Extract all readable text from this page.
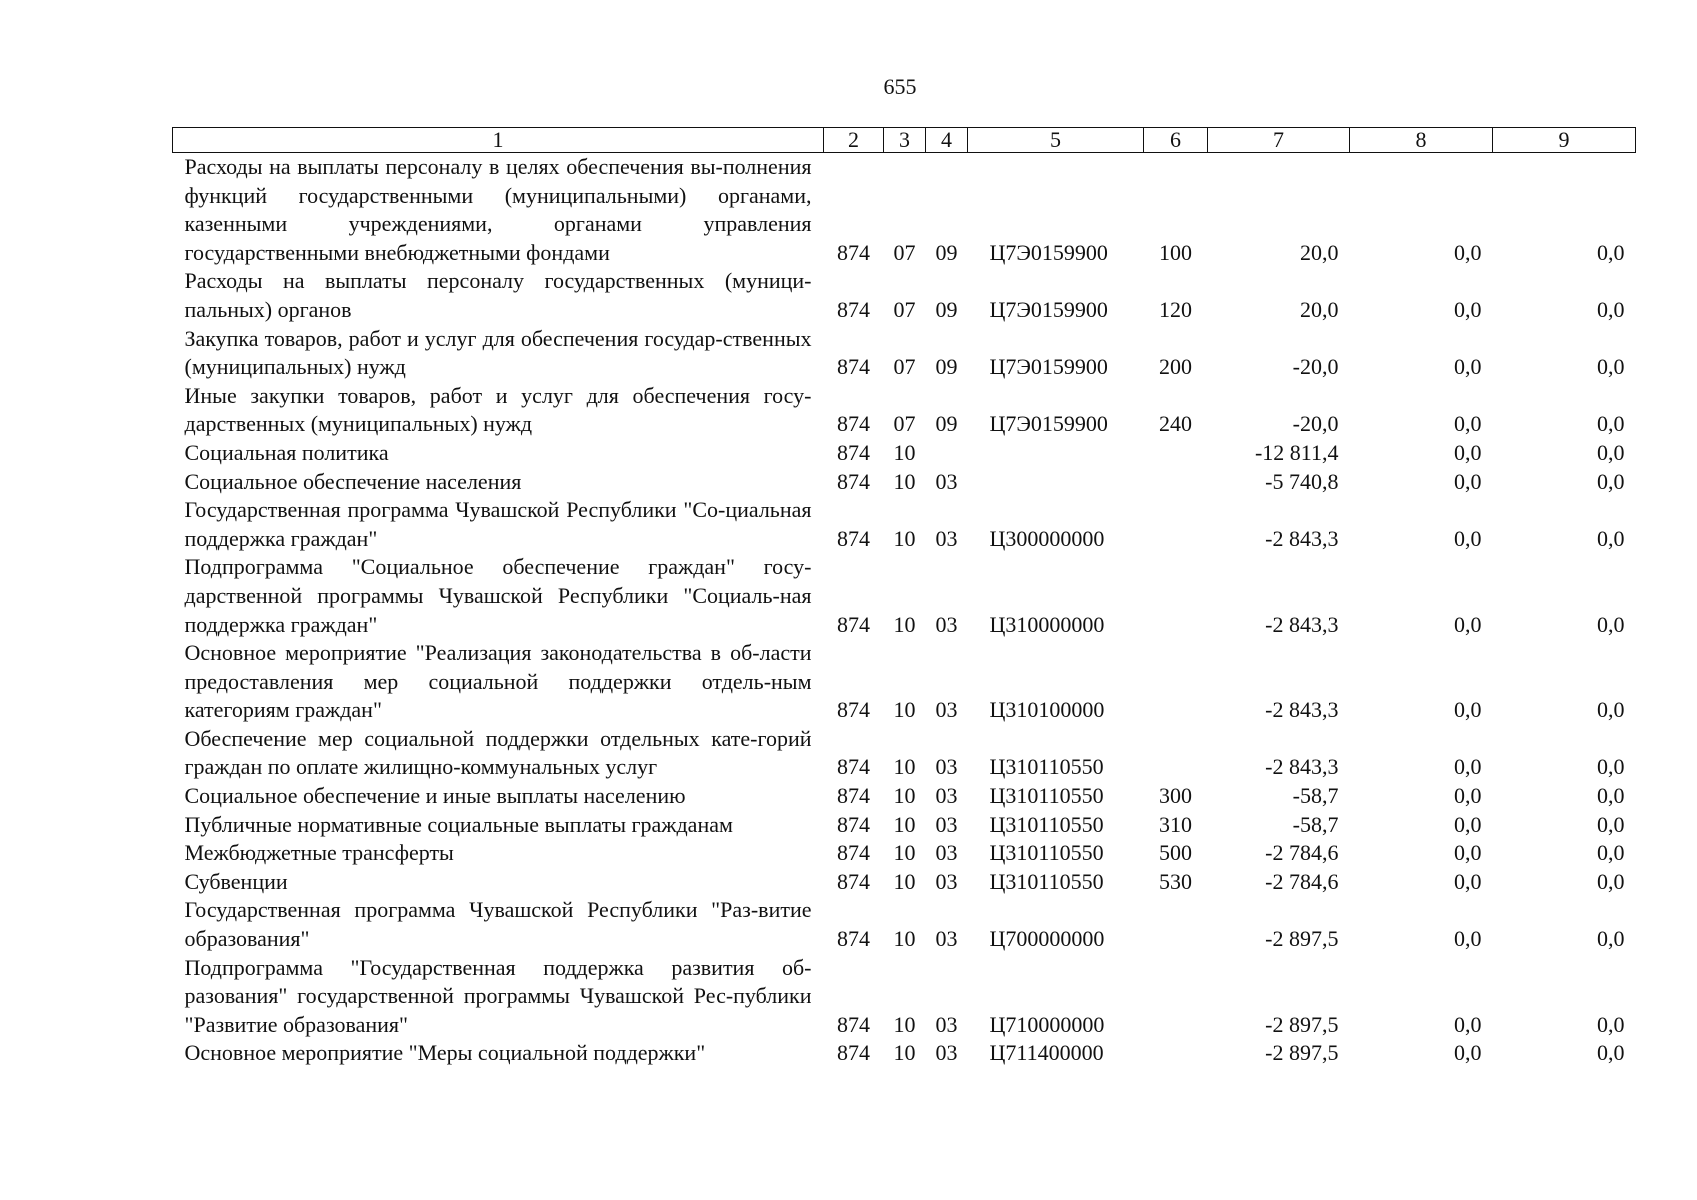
655
1	2	3	4	5	6	7	8	9
Расходы на выплаты персоналу в целях обеспечения вы-полнения функций государственными (муниципальными) органами, казенными учреждениями, органами управления государственными внебюджетными фондами	874	07	09	Ц7Э0159900	100	20,0	0,0	0,0
Расходы на выплаты персоналу государственных (муници-пальных) органов	874	07	09	Ц7Э0159900	120	20,0	0,0	0,0
Закупка товаров, работ и услуг для обеспечения государ-ственных (муниципальных) нужд	874	07	09	Ц7Э0159900	200	-20,0	0,0	0,0
Иные закупки товаров, работ и услуг для обеспечения госу-дарственных (муниципальных) нужд	874	07	09	Ц7Э0159900	240	-20,0	0,0	0,0
Социальная политика	874	10				-12 811,4	0,0	0,0
Социальное обеспечение населения	874	10	03			-5 740,8	0,0	0,0
Государственная программа Чувашской Республики "Со-циальная поддержка граждан"	874	10	03	Ц300000000		-2 843,3	0,0	0,0
Подпрограмма "Социальное обеспечение граждан" госу-дарственной программы Чувашской Республики "Социаль-ная поддержка граждан"	874	10	03	Ц310000000		-2 843,3	0,0	0,0
Основное мероприятие "Реализация законодательства в об-ласти предоставления мер социальной поддержки отдель-ным категориям граждан"	874	10	03	Ц310100000		-2 843,3	0,0	0,0
Обеспечение мер социальной поддержки отдельных кате-горий граждан по оплате жилищно-коммунальных услуг	874	10	03	Ц310110550		-2 843,3	0,0	0,0
Социальное обеспечение и иные выплаты населению	874	10	03	Ц310110550	300	-58,7	0,0	0,0
Публичные нормативные социальные выплаты гражданам	874	10	03	Ц310110550	310	-58,7	0,0	0,0
Межбюджетные трансферты	874	10	03	Ц310110550	500	-2 784,6	0,0	0,0
Субвенции	874	10	03	Ц310110550	530	-2 784,6	0,0	0,0
Государственная программа Чувашской Республики "Раз-витие образования"	874	10	03	Ц700000000		-2 897,5	0,0	0,0
Подпрограмма "Государственная поддержка развития об-разования" государственной программы Чувашской Рес-публики "Развитие образования"	874	10	03	Ц710000000		-2 897,5	0,0	0,0
Основное мероприятие "Меры социальной поддержки"	874	10	03	Ц711400000		-2 897,5	0,0	0,0
